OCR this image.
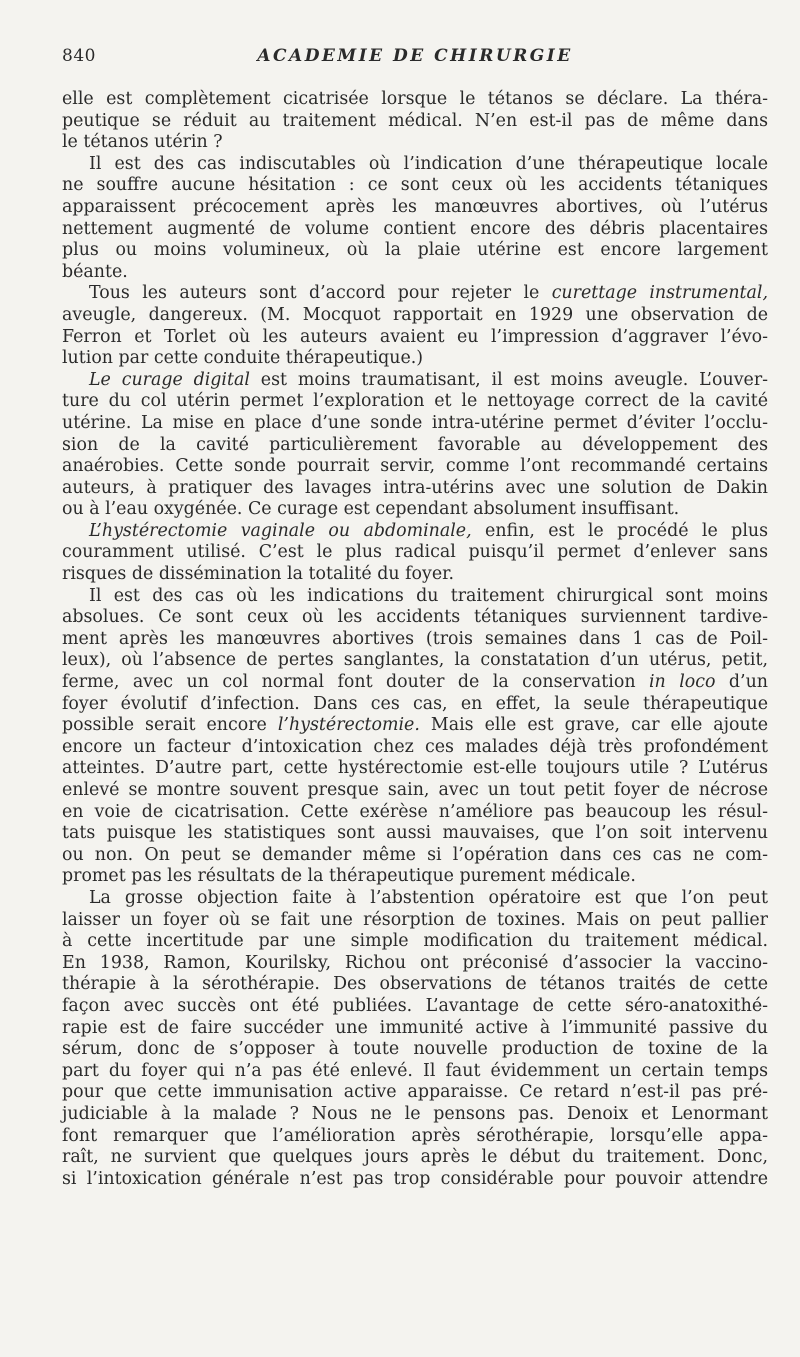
840	ACADEMIE DE CHIRURGIE
elle est complètement cicatrisée lorsque le tétanos se déclare. La théra-
peutique se réduit au traitement médical. N’en est-il pas de même dans
le tétanos utérin ?
Il est des cas indiscutables où l’indication d’une thérapeutique locale
ne souffre aucune hésitation : ce sont ceux où les accidents tétaniques
apparaissent précocement après les manœuvres abortives, où l’utérus
nettement augmenté de volume contient encore des débris placentaires
plus ou moins volumineux, où la plaie utérine est encore largement
béante.
Tous les auteurs sont d’accord pour rejeter le curettage instrumental,
aveugle, dangereux. (M. Mocquot rapportait en 1929 une observation de
Ferron et Torlet où les auteurs avaient eu l’impression d’aggraver l’évo-
lution par cette conduite thérapeutique.)
Le curage digital est moins traumatisant, il est moins aveugle. L’ouver-
ture du col utérin permet l’exploration et le nettoyage correct de la cavité
utérine. La mise en place d’une sonde intra-utérine permet d’éviter l’occlu-
sion de la cavité particulièrement favorable au développement des
anaérobies. Cette sonde pourrait servir, comme l’ont recommandé certains
auteurs, à pratiquer des lavages intra-utérins avec une solution de Dakin
ou à l’eau oxygénée. Ce curage est cependant absolument insuffisant.
L’hystérectomie vaginale ou abdominale, enfin, est le procédé le plus
couramment utilisé. C’est le plus radical puisqu’il permet d’enlever sans
risques de dissémination la totalité du foyer.
Il est des cas où les indications du traitement chirurgical sont moins
absolues. Ce sont ceux où les accidents tétaniques surviennent tardive-
ment après les manœuvres abortives (trois semaines dans 1 cas de Poil-
leux), où l’absence de pertes sanglantes, la constatation d’un utérus, petit,
ferme, avec un col normal font douter de la conservation in loco d’un
foyer évolutif d’infection. Dans ces cas, en effet, la seule thérapeutique
possible serait encore l’hystérectomie. Mais elle est grave, car elle ajoute
encore un facteur d’intoxication chez ces malades déjà très profondément
atteintes. D’autre part, cette hystérectomie est-elle toujours utile ? L’utérus
enlevé se montre souvent presque sain, avec un tout petit foyer de nécrose
en voie de cicatrisation. Cette exérèse n’améliore pas beaucoup les résul-
tats puisque les statistiques sont aussi mauvaises, que l’on soit intervenu
ou non. On peut se demander même si l’opération dans ces cas ne com-
promet pas les résultats de la thérapeutique purement médicale.
La grosse objection faite à l’abstention opératoire est que l’on peut
laisser un foyer où se fait une résorption de toxines. Mais on peut pallier
à cette incertitude par une simple modification du traitement médical.
En 1938, Ramon, Kourilsky, Richou ont préconisé d’associer la vaccino-
thérapie à la sérothérapie. Des observations de tétanos traités de cette
façon avec succès ont été publiées. L’avantage de cette séro-anatoxithé-
rapie est de faire succéder une immunité active à l’immunité passive du
sérum, donc de s’opposer à toute nouvelle production de toxine de la
part du foyer qui n’a pas été enlevé. Il faut évidemment un certain temps
pour que cette immunisation active apparaisse. Ce retard n’est-il pas pré-
judiciable à la malade ? Nous ne le pensons pas. Denoix et Lenormant
font remarquer que l’amélioration après sérothérapie, lorsqu’elle appa-
raît, ne survient que quelques jours après le début du traitement. Donc,
si l’intoxication générale n’est pas trop considérable pour pouvoir attendre
